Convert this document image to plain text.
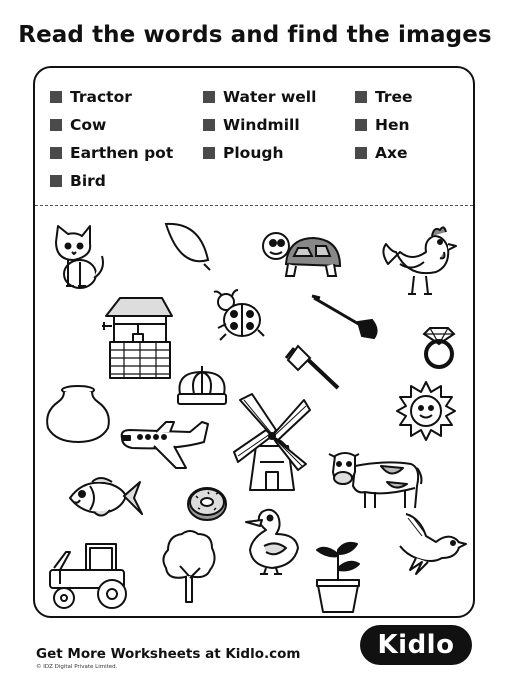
Read the words and find the images
Tractor	Water well	Tree
Cow	Windmill	Hen
Earthen pot	Plough	Axe
Bird
Get More Worksheets at Kidlo.com
© IDZ Digital Private Limited.
Kidlo
